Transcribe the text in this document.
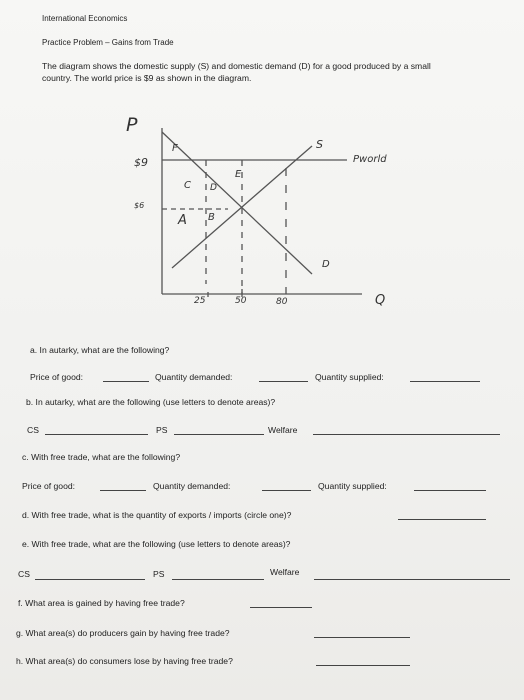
International Economics
Practice Problem – Gains from Trade
The diagram shows the domestic supply (S) and domestic demand (D) for a good produced by a small
country. The world price is $9 as shown in the diagram.
P
$9
$6
S
D
Pworld
Q
F
C D
E
A B
25	50	80
a. In autarky, what are the following?
Price of good:	Quantity demanded:	Quantity supplied:
b. In autarky, what are the following (use letters to denote areas)?
CS	PS	Welfare
c. With free trade, what are the following?
Price of good:	Quantity demanded:	Quantity supplied:
d. With free trade, what is the quantity of exports / imports (circle one)?
e. With free trade, what are the following (use letters to denote areas)?
CS	PS	Welfare
f. What area is gained by having free trade?
g. What area(s) do producers gain by having free trade?
h. What area(s) do consumers lose by having free trade?
